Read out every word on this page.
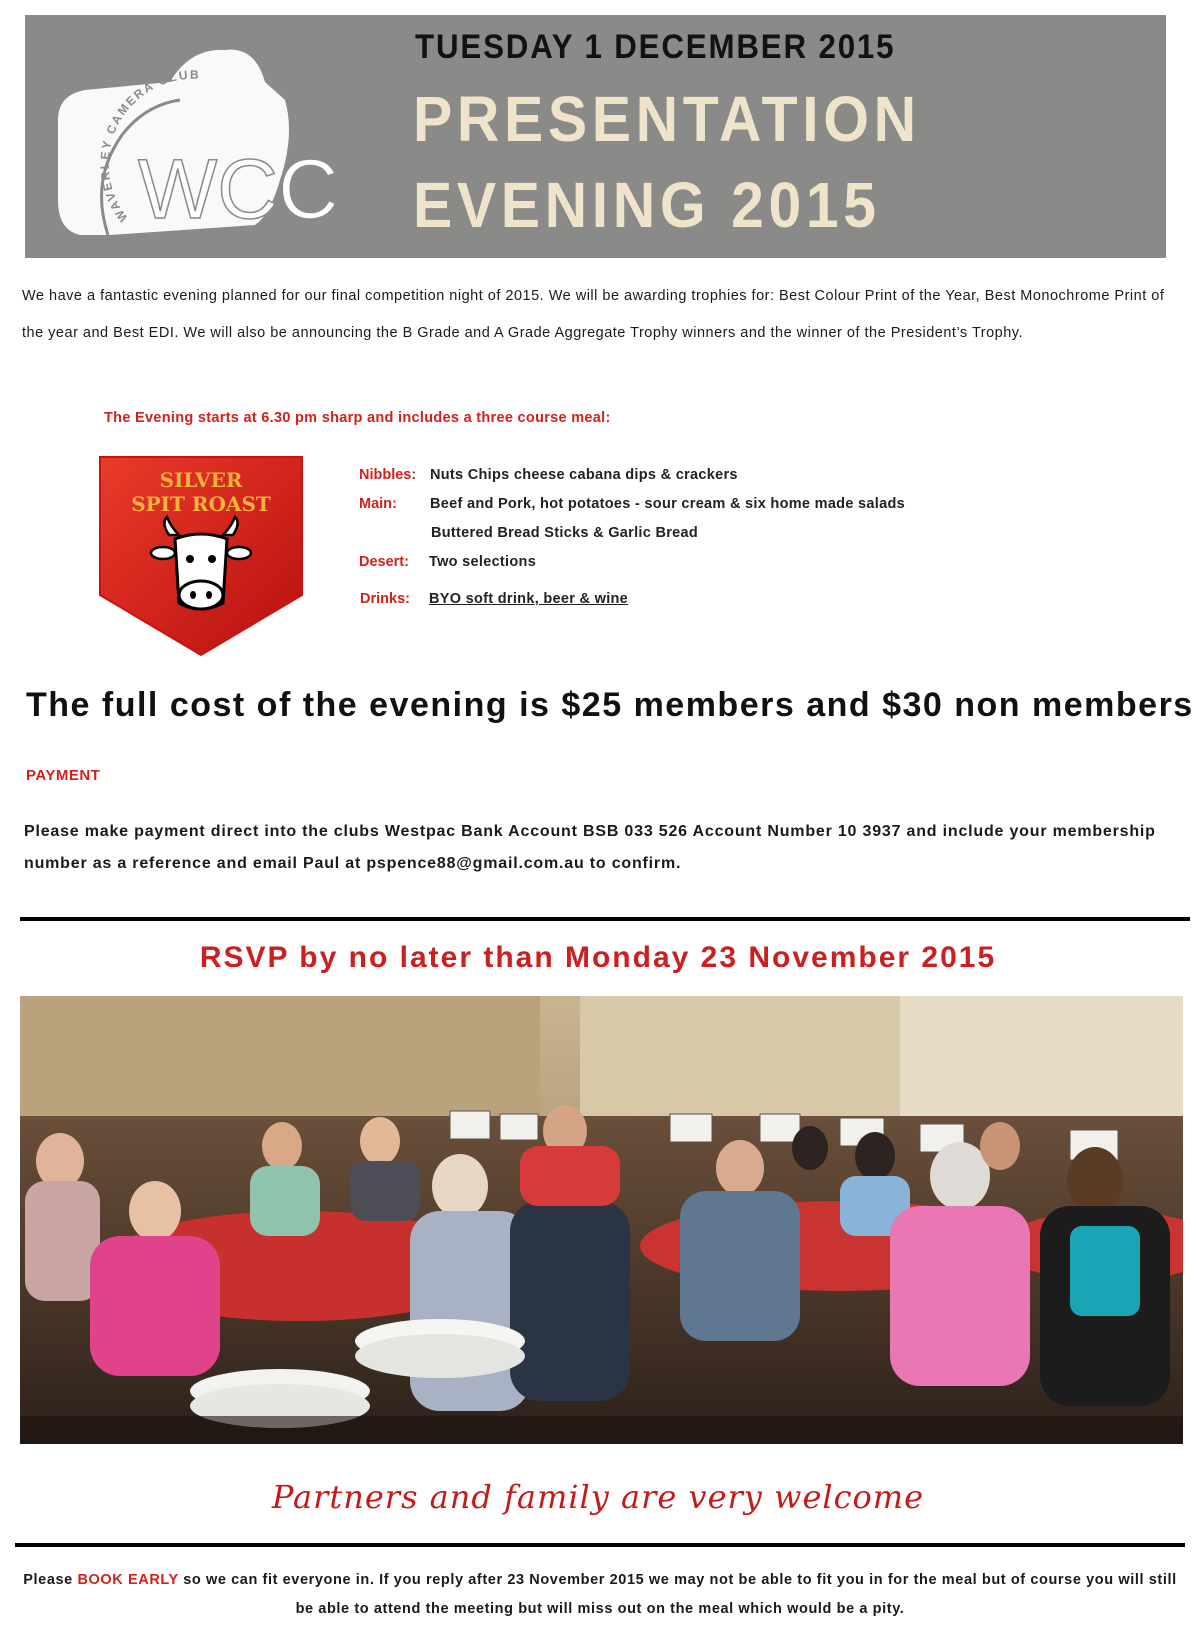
WAVERLEY CAMERA CLUB
WCC
TUESDAY 1 DECEMBER 2015
PRESENTATION
EVENING 2015
We have a fantastic evening planned for our final competition night of 2015. We will be awarding trophies for: Best Colour Print of the Year, Best Monochrome Print of the year and Best EDI. We will also be announcing the B Grade and A Grade Aggregate Trophy winners and the winner of the President’s Trophy.
The Evening starts at 6.30 pm sharp and includes a three course meal:
SILVER
SPIT ROAST
Nibbles: Nuts Chips cheese cabana dips & crackers
Main: Beef and Pork, hot potatoes - sour cream & six home made salads
Buttered Bread Sticks & Garlic Bread
Desert: Two selections
Drinks: BYO soft drink, beer & wine
The full cost of the evening is $25 members and $30 non members
PAYMENT
Please make payment direct into the clubs Westpac Bank Account BSB 033 526 Account Number 10 3937 and include your membership number as a reference and email Paul at pspence88@gmail.com.au to confirm.
RSVP by no later than Monday 23 November 2015
Partners and family are very welcome
Please BOOK EARLY so we can fit everyone in. If you reply after 23 November 2015 we may not be able to fit you in for the meal but of course you will still be able to attend the meeting but will miss out on the meal which would be a pity.
